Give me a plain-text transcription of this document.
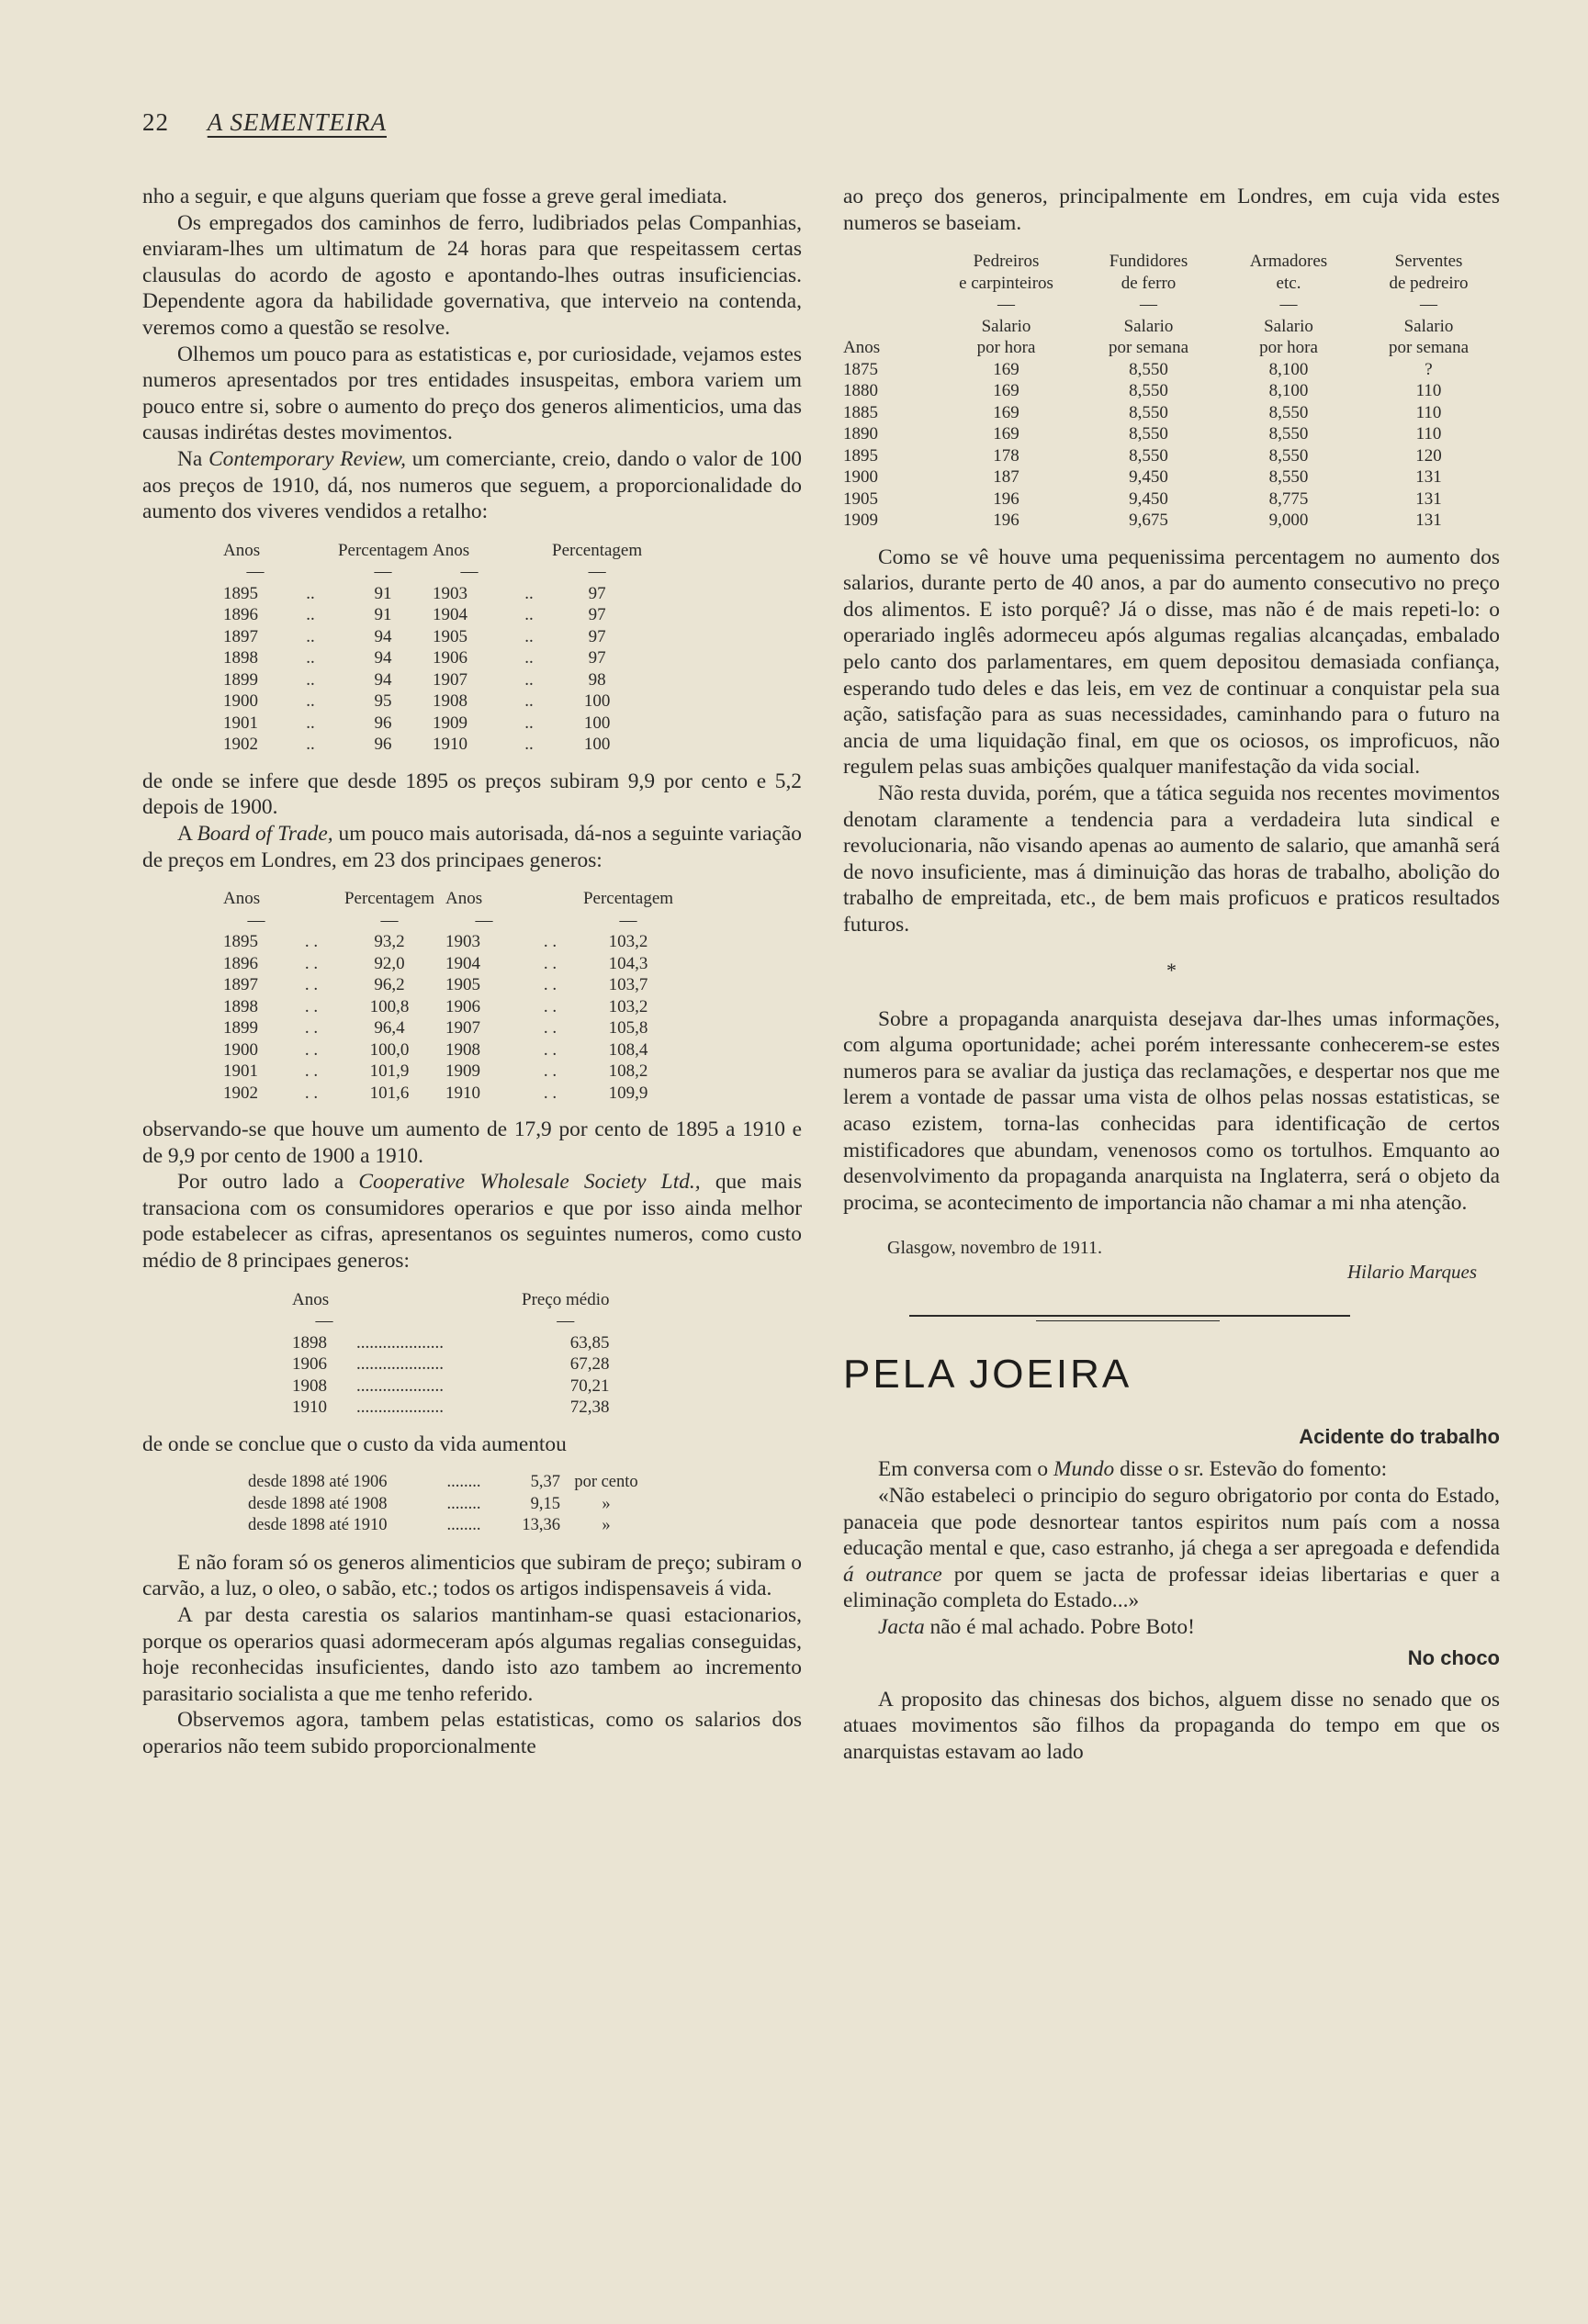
22 A SEMENTEIRA

nho a seguir, e que alguns queriam que fosse a greve geral imediata.

Os empregados dos caminhos de ferro, ludibriados pelas Companhias, enviaram-lhes um ultimatum de 24 horas para que respeitassem certas clausulas do acordo de agosto e apontando-lhes outras insuficiencias. Dependente agora da habilidade governativa, que interveio na contenda, veremos como a questão se resolve.

Olhemos um pouco para as estatisticas e, por curiosidade, vejamos estes numeros apresentados por tres entidades insuspeitas, embora variem um pouco entre si, sobre o aumento do preço dos generos alimenticios, uma das causas indirétas destes movimentos.

Na Contemporary Review, um comerciante, creio, dando o valor de 100 aos preços de 1910, dá, nos numeros que seguem, a proporcionalidade do aumento dos viveres vendidos a retalho:

Anos		Percentagem	Anos		Percentagem
—		—	—		—
1895	..	91	1903	..	97
1896	..	91	1904	..	97
1897	..	94	1905	..	97
1898	..	94	1906	..	97
1899	..	94	1907	..	98
1900	..	95	1908	..	100
1901	..	96	1909	..	100
1902	..	96	1910	..	100

de onde se infere que desde 1895 os preços subiram 9,9 por cento e 5,2 depois de 1900.

A Board of Trade, um pouco mais autorisada, dá-nos a seguinte variação de preços em Londres, em 23 dos principaes generos:

Anos		Percentagem	Anos		Percentagem
—		—	—		—
1895	. .	93,2	1903	. .	103,2
1896	. .	92,0	1904	. .	104,3
1897	. .	96,2	1905	. .	103,7
1898	. .	100,8	1906	. .	103,2
1899	. .	96,4	1907	. .	105,8
1900	. .	100,0	1908	. .	108,4
1901	. .	101,9	1909	. .	108,2
1902	. .	101,6	1910	. .	109,9

observando-se que houve um aumento de 17,9 por cento de 1895 a 1910 e de 9,9 por cento de 1900 a 1910.

Por outro lado a Cooperative Wholesale Society Ltd., que mais transaciona com os consumidores operarios e que por isso ainda melhor pode estabelecer as cifras, apresentanos os seguintes numeros, como custo médio de 8 principaes generos:

Anos		Preço médio
—		—
1898	....................	63,85
1906	....................	67,28
1908	....................	70,21
1910	....................	72,38

de onde se conclue que o custo da vida aumentou

desde 1898 até 1906	........	5,37	por cento
desde 1898 até 1908	........	9,15	»
desde 1898 até 1910	........	13,36	»

E não foram só os generos alimenticios que subiram de preço; subiram o carvão, a luz, o oleo, o sabão, etc.; todos os artigos indispensaveis á vida.

A par desta carestia os salarios mantinham-se quasi estacionarios, porque os operarios quasi adormeceram após algumas regalias conseguidas, hoje reconhecidas insuficientes, dando isto azo tambem ao incremento parasitario socialista a que me tenho referido.

Observemos agora, tambem pelas estatisticas, como os salarios dos operarios não teem subido proporcionalmente

ao preço dos generos, principalmente em Londres, em cuja vida estes numeros se baseiam.

	Pedreiros	Fundidores	Armadores	Serventes
	e carpinteiros	de ferro	etc.	de pedreiro
	—	—	—	—
	Salario	Salario	Salario	Salario
Anos	por hora	por semana	por hora	por semana
1875	169	8,550	8,100	?
1880	169	8,550	8,100	110
1885	169	8,550	8,550	110
1890	169	8,550	8,550	110
1895	178	8,550	8,550	120
1900	187	9,450	8,550	131
1905	196	9,450	8,775	131
1909	196	9,675	9,000	131

Como se vê houve uma pequenissima percentagem no aumento dos salarios, durante perto de 40 anos, a par do aumento consecutivo no preço dos alimentos. E isto porquê? Já o disse, mas não é de mais repeti-lo: o operariado inglês adormeceu após algumas regalias alcançadas, embalado pelo canto dos parlamentares, em quem depositou demasiada confiança, esperando tudo deles e das leis, em vez de continuar a conquistar pela sua ação, satisfação para as suas necessidades, caminhando para o futuro na ancia de uma liquidação final, em que os ociosos, os improficuos, não regulem pelas suas ambições qualquer manifestação da vida social.

Não resta duvida, porém, que a tática seguida nos recentes movimentos denotam claramente a tendencia para a verdadeira luta sindical e revolucionaria, não visando apenas ao aumento de salario, que amanhã será de novo insuficiente, mas á diminuição das horas de trabalho, abolição do trabalho de empreitada, etc., de bem mais proficuos e praticos resultados futuros.

*

Sobre a propaganda anarquista desejava dar-lhes umas informações, com alguma oportunidade; achei porém interessante conhecerem-se estes numeros para se avaliar da justiça das reclamações, e despertar nos que me lerem a vontade de passar uma vista de olhos pelas nossas estatisticas, se acaso ezistem, torna-las conhecidas para identificação de certos mistificadores que abundam, venenosos como os tortulhos. Emquanto ao desenvolvimento da propaganda anarquista na Inglaterra, será o objeto da procima, se acontecimento de importancia não chamar a mi nha atenção.

Glasgow, novembro de 1911.
Hilario Marques
PELA JOEIRA
Acidente do trabalho

Em conversa com o Mundo disse o sr. Estevão do fomento:

«Não estabeleci o principio do seguro obrigatorio por conta do Estado, panaceia que pode desnortear tantos espiritos num país com a nossa educação mental e que, caso estranho, já chega a ser apregoada e defendida á outrance por quem se jacta de professar ideias libertarias e quer a eliminação completa do Estado...»

Jacta não é mal achado. Pobre Boto!

No choco

A proposito das chinesas dos bichos, alguem disse no senado que os atuaes movimentos são filhos da propaganda do tempo em que os anarquistas estavam ao lado
